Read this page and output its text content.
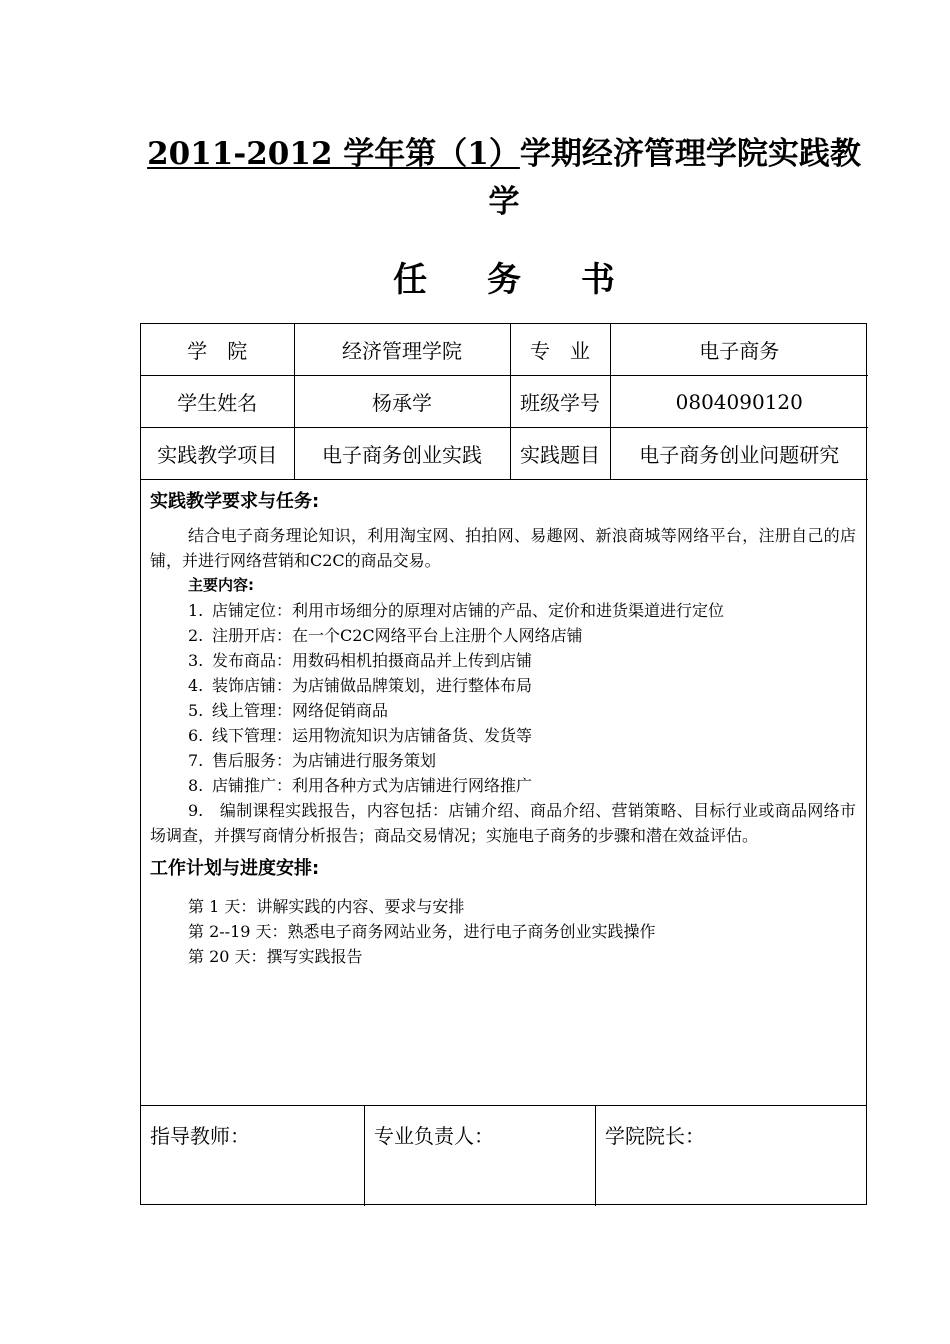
2011-2012 学年第（1）学期经济管理学院实践教
学
任 务 书
学　院	经济管理学院	专　业	电子商务
学生姓名	杨承学	班级学号	0804090120
实践教学项目	电子商务创业实践	实践题目	电子商务创业问题研究
实践教学要求与任务:
结合电子商务理论知识，利用淘宝网、拍拍网、易趣网、新浪商城等网络平台，注册自己的店铺，并进行网络营销和C2C的商品交易。
主要内容:
1. 店铺定位：利用市场细分的原理对店铺的产品、定价和进货渠道进行定位
2. 注册开店：在一个C2C网络平台上注册个人网络店铺
3. 发布商品：用数码相机拍摄商品并上传到店铺
4. 装饰店铺：为店铺做品牌策划，进行整体布局
5. 线上管理：网络促销商品
6. 线下管理：运用物流知识为店铺备货、发货等
7. 售后服务：为店铺进行服务策划
8. 店铺推广：利用各种方式为店铺进行网络推广
9.　编制课程实践报告，内容包括：店铺介绍、商品介绍、营销策略、目标行业或商品网络市场调查，并撰写商情分析报告；商品交易情况；实施电子商务的步骤和潜在效益评估。
工作计划与进度安排:
第 1 天：讲解实践的内容、要求与安排
第 2--19 天：熟悉电子商务网站业务，进行电子商务创业实践操作
第 20 天：撰写实践报告
指导教师：	专业负责人：	学院院长：
